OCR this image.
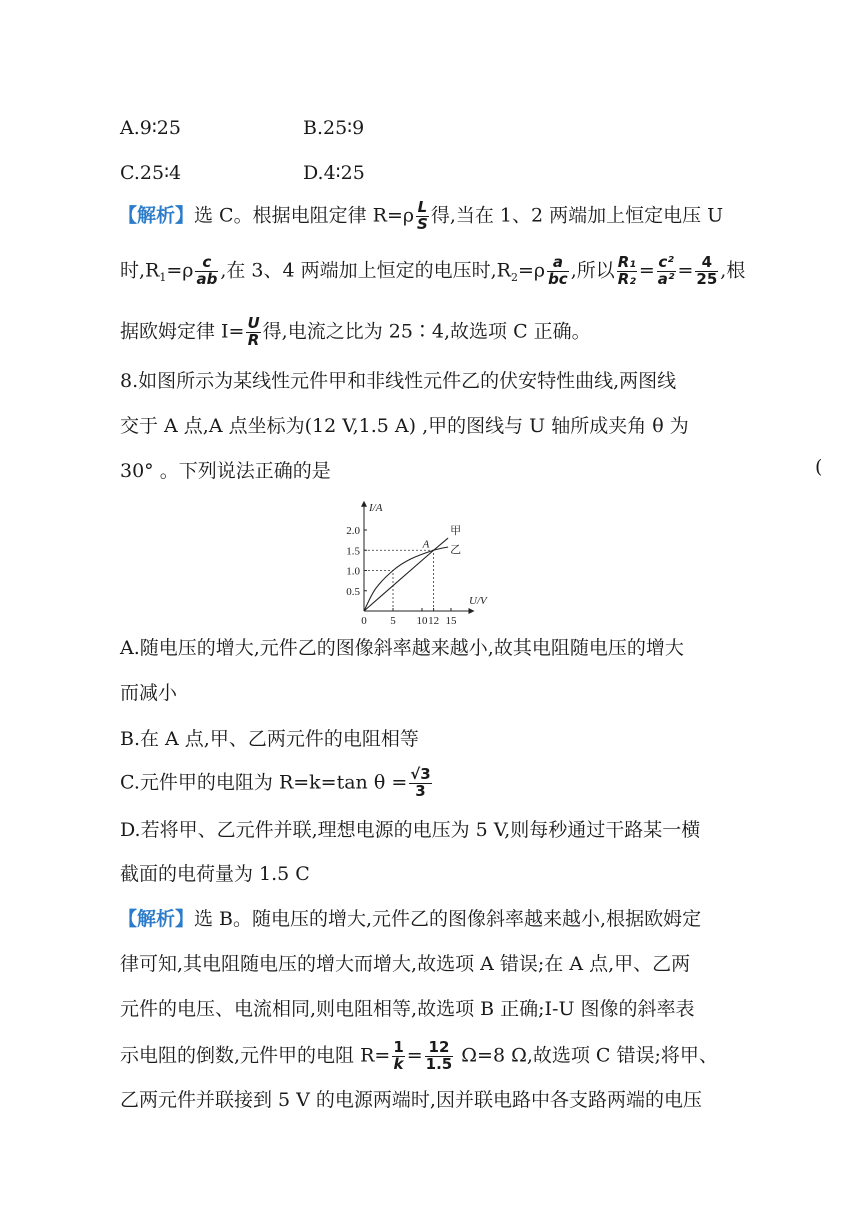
A.9∶25	B.25∶9
C.25∶4	D.4∶25
【解析】选 C。根据电阻定律 $R=\rho \frac{L}{S}$ 得,当在 1、2 两端加上恒定电压 U
时$,R_1=\rho \frac{c}{ab}$ ,在 3、4 两端加上恒定的电压时$,R_2=\rho \frac{a}{bc}$ ,所以 $\frac{\text{R₁}}{\text{R₂}} = \frac{\text{c²}}{\text{a²}} = \frac{4}{25}$ ,根
据欧姆定律 $I= \frac{U}{R}$ 得,电流之比为 25∶4,故选项 C 正确。
8.如图所示为某线性元件甲和非线性元件乙的伏安特性曲线,两图线
交于 A 点,A 点坐标为(12 V,1.5 A) ,甲的图线与 U 轴所成夹角 θ 为
30° 。下列说法正确的是	(
I/A
U/V
0 5 10 12 15
0.5
1.0
1.5
2.0	甲
乙
A
A.随电压的增大,元件乙的图像斜率越来越小,故其电阻随电压的增大
而减小
B.在 A 点,甲、乙两元件的电阻相等
C.元件甲的电阻为 R=k=tan $\theta = \frac{√3}{3}$
D.若将甲、乙元件并联,理想电源的电压为 5 V,则每秒通过干路某一横
截面的电荷量为 1.5 C
【解析】选 B。随电压的增大,元件乙的图像斜率越来越小,根据欧姆定
律可知,其电阻随电压的增大而增大,故选项 A 错误;在 A 点,甲、乙两
元件的电压、电流相同,则电阻相等,故选项 B 正确;I-U 图像的斜率表
示电阻的倒数,元件甲的电阻 $R= \frac{1}{k} = \frac{12}{1.5} \Omega=8$ Ω,故选项 C 错误;将甲、
乙两元件并联接到 5 V 的电源两端时,因并联电路中各支路两端的电压
